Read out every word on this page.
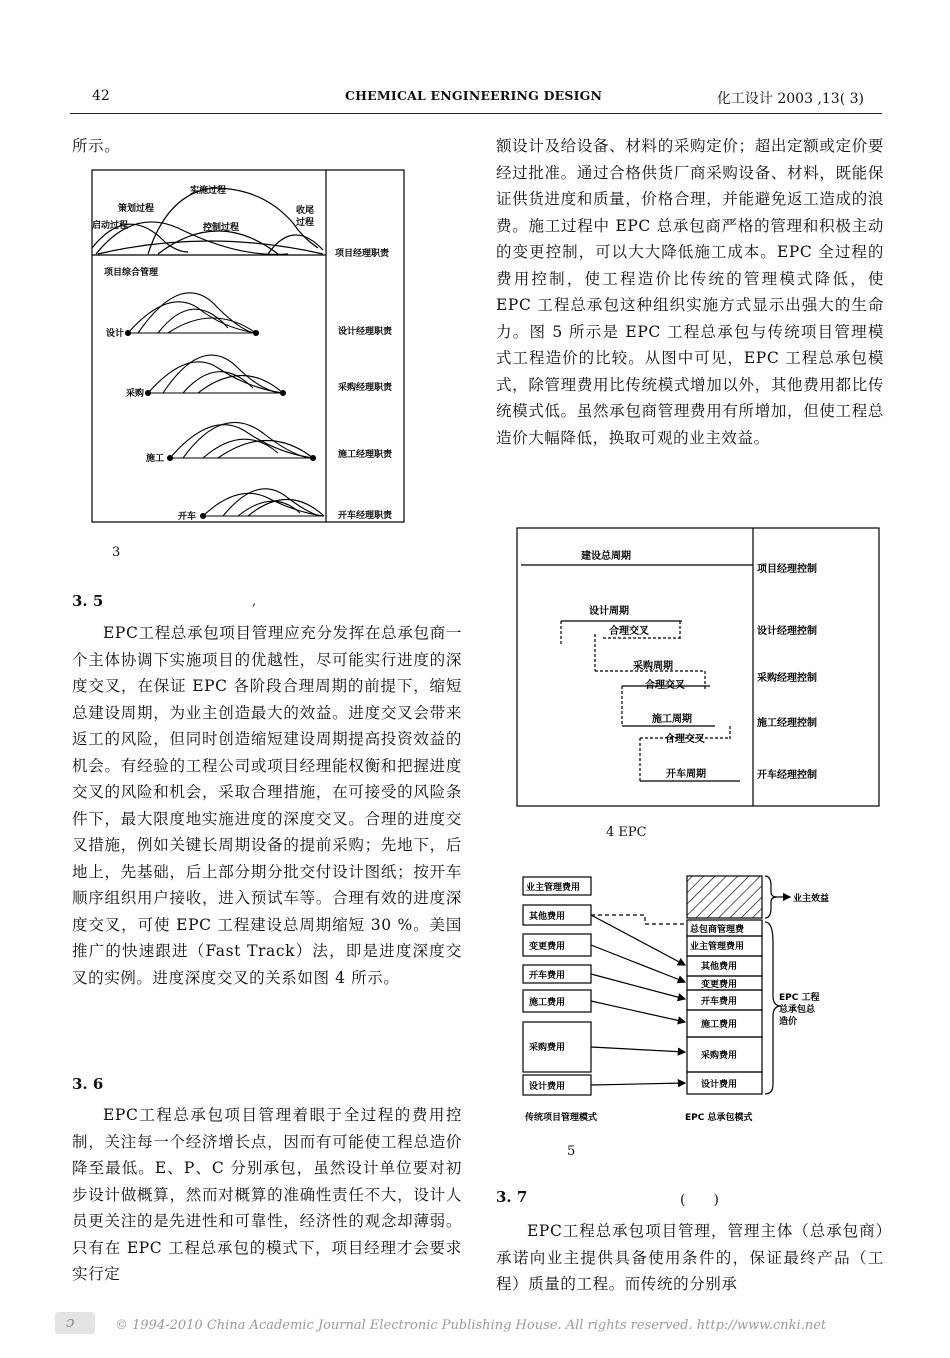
42	CHEMICAL ENGINEERING DESIGN	化工设计 2003 ,13( 3)

所示。

实施过程
策划过程
启动过程	控制过程
收尾
过程
项目经理职责
项目综合管理
设计	设计经理职责
采购
采购经理职责
施工	施工经理职责
开车	开车经理职责
3
3. 5	,

EPC工程总承包项目管理应充分发挥在总承包商一个主体协调下实施项目的优越性，尽可能实行进度的深度交叉，在保证 EPC 各阶段合理周期的前提下，缩短总建设周期，为业主创造最大的效益。进度交叉会带来返工的风险，但同时创造缩短建设周期提高投资效益的机会。有经验的工程公司或项目经理能权衡和把握进度交叉的风险和机会，采取合理措施，在可接受的风险条件下，最大限度地实施进度的深度交叉。合理的进度交叉措施，例如关键长周期设备的提前采购；先地下，后地上，先基础，后上部分期分批交付设计图纸；按开车顺序组织用户接收，进入预试车等。合理有效的进度深度交叉，可使 EPC 工程建设总周期缩短 30 %。美国推广的快速跟进（Fast Track）法，即是进度深度交叉的实例。进度深度交叉的关系如图 4 所示。

3. 6

EPC工程总承包项目管理着眼于全过程的费用控制，关注每一个经济增长点，因而有可能使工程总造价降至最低。E、P、C 分别承包，虽然设计单位要对初步设计做概算，然而对概算的准确性责任不大，设计人员更关注的是先进性和可靠性，经济性的观念却薄弱。只有在 EPC 工程总承包的模式下，项目经理才会要求实行定

额设计及给设备、材料的采购定价；超出定额或定价要经过批准。通过合格供货厂商采购设备、材料，既能保证供货进度和质量，价格合理，并能避免返工造成的浪费。施工过程中 EPC 总承包商严格的管理和积极主动的变更控制，可以大大降低施工成本。EPC 全过程的费用控制，使工程造价比传统的管理模式降低，使 EPC 工程总承包这种组织实施方式显示出强大的生命力。图 5 所示是 EPC 工程总承包与传统项目管理模式工程造价的比较。从图中可见，EPC 工程总承包模式，除管理费用比传统模式增加以外，其他费用都比传统模式低。虽然承包商管理费用有所增加，但使工程总造价大幅降低，换取可观的业主效益。

建设总周期
设计周期
合理交叉
采购周期
合理交叉
施工周期
合理交叉
开车周期
项目经理控制
设计经理控制
采购经理控制
施工经理控制
开车经理控制
4 EPC
业主管理费用
其他费用
变更费用
开车费用
施工费用
采购费用
设计费用
总包商管理费
业主管理费用
其他费用
变更费用
开车费用
施工费用
采购费用
设计费用
业主效益
EPC 工程
总承包总
造价
传统项目管理模式	EPC 总承包模式
5
3. 7	(　　)

EPC工程总承包项目管理，管理主体（总承包商）承诺向业主提供具备使用条件的，保证最终产品（工程）质量的工程。而传统的分别承

ɔ	© 1994-2010 China Academic Journal Electronic Publishing House. All rights reserved. http://www.cnki.net
